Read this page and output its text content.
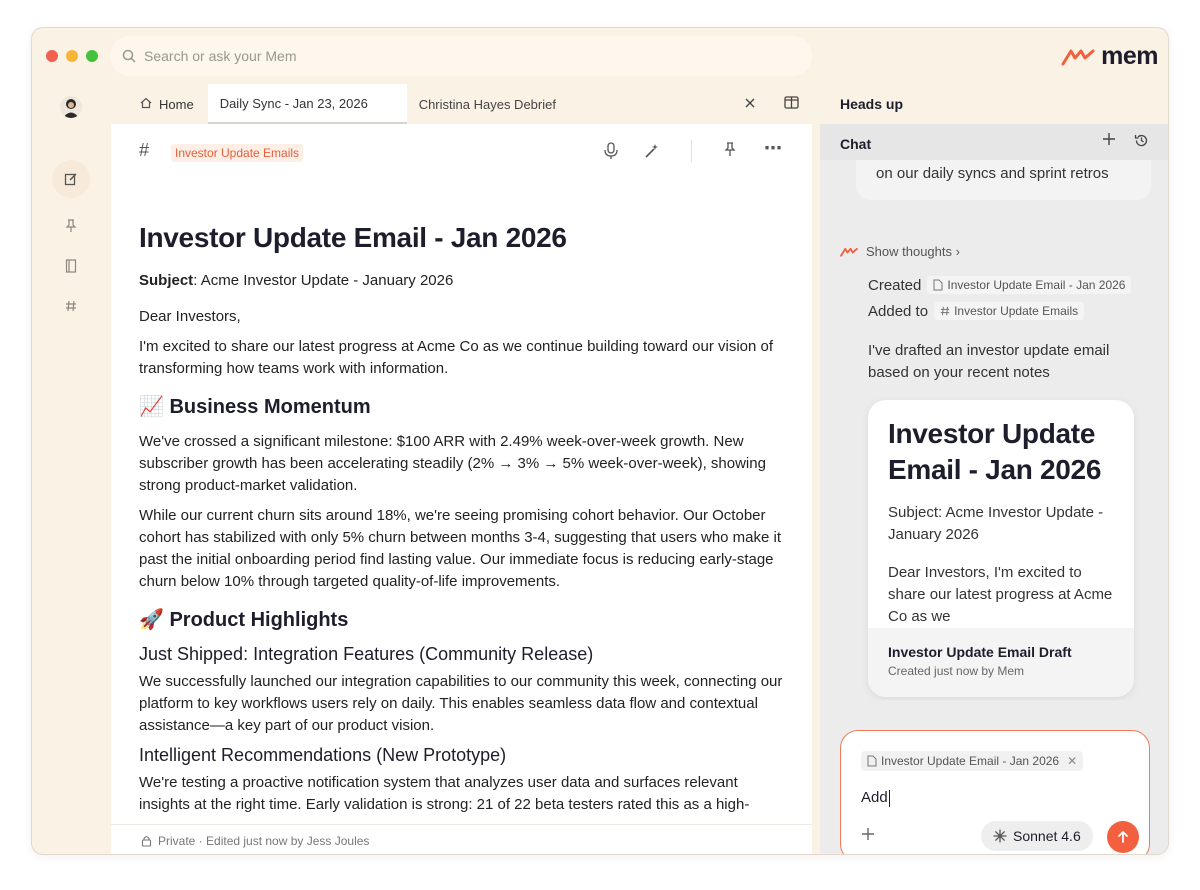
Search or ask your Mem	mem
Home Daily Sync - Jan 23, 2026	Christina Hayes Debrief
#	Investor Update Emails	⋯
Investor Update Email - Jan 2026

Subject: Acme Investor Update - January 2026

Dear Investors,

I'm excited to share our latest progress at Acme Co as we continue building toward our vision of transforming how teams work with information.

📈 Business Momentum

We've crossed a significant milestone: $100 ARR with 2.49% week-over-week growth. New subscriber growth has been accelerating steadily (2% → 3% → 5% week-over-week), showing strong product-market validation.

While our current churn sits around 18%, we're seeing promising cohort behavior. Our October cohort has stabilized with only 5% churn between months 3-4, suggesting that users who make it past the initial onboarding period find lasting value. Our immediate focus is reducing early-stage churn below 10% through targeted quality-of-life improvements.

🚀 Product Highlights
Just Shipped: Integration Features (Community Release)

We successfully launched our integration capabilities to our community this week, connecting our platform to key workflows users rely on daily. This enables seamless data flow and contextual assistance—a key part of our product vision.

Intelligent Recommendations (New Prototype)

We're testing a proactive notification system that analyzes user data and surfaces relevant insights at the right time. Early validation is strong: 21 of 22 beta testers rated this as a high-

Private · Edited just now by Jess Joules
Heads up
Chat
on our daily syncs and sprint retros
Show thoughts ›
Created Investor Update Email - Jan 2026
Added to Investor Update Emails
I've drafted an investor update email based on your recent notes
Investor Update Email - Jan 2026
Subject: Acme Investor Update - January 2026
Dear Investors, I'm excited to share our latest progress at Acme Co as we
Investor Update Email Draft
Created just now by Mem
Investor Update Email - Jan 2026 ✕
Add
Sonnet 4.6
